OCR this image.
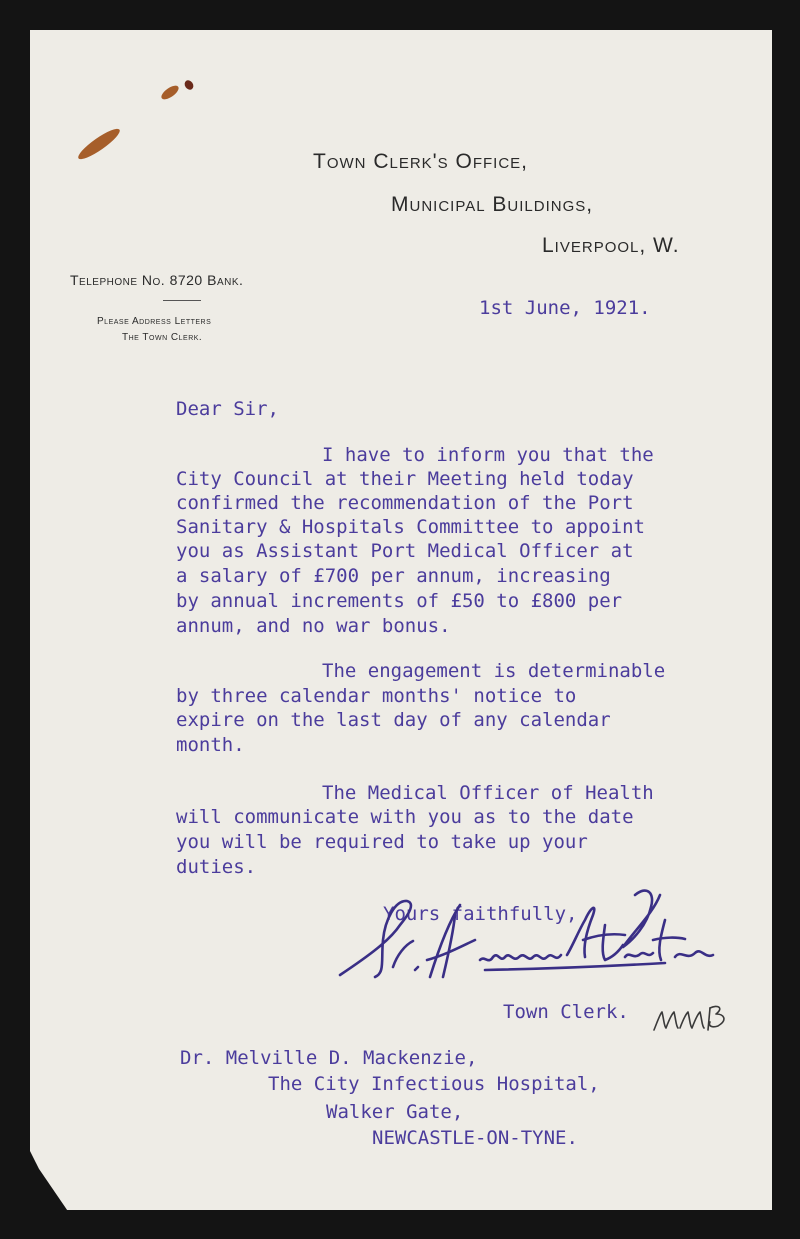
Town Clerk's Office,
Municipal Buildings,
Liverpool, W.
Telephone No. 8720 Bank.
Please Address Letters
The Town Clerk.
1st June, 1921.
Dear Sir,
I have to inform you that the
City Council at their Meeting held today
confirmed the recommendation of the Port
Sanitary & Hospitals Committee to appoint
you as Assistant Port Medical Officer at
a salary of £700 per annum, increasing
by annual increments of £50 to £800 per
annum, and no war bonus.
The engagement is determinable
by three calendar months' notice to
expire on the last day of any calendar
month.
The Medical Officer of Health
will communicate with you as to the date
you will be required to take up your
duties.
Yours faithfully,
Town Clerk.
Dr. Melville D. Mackenzie,
The City Infectious Hospital,
Walker Gate,
NEWCASTLE-ON-TYNE.
